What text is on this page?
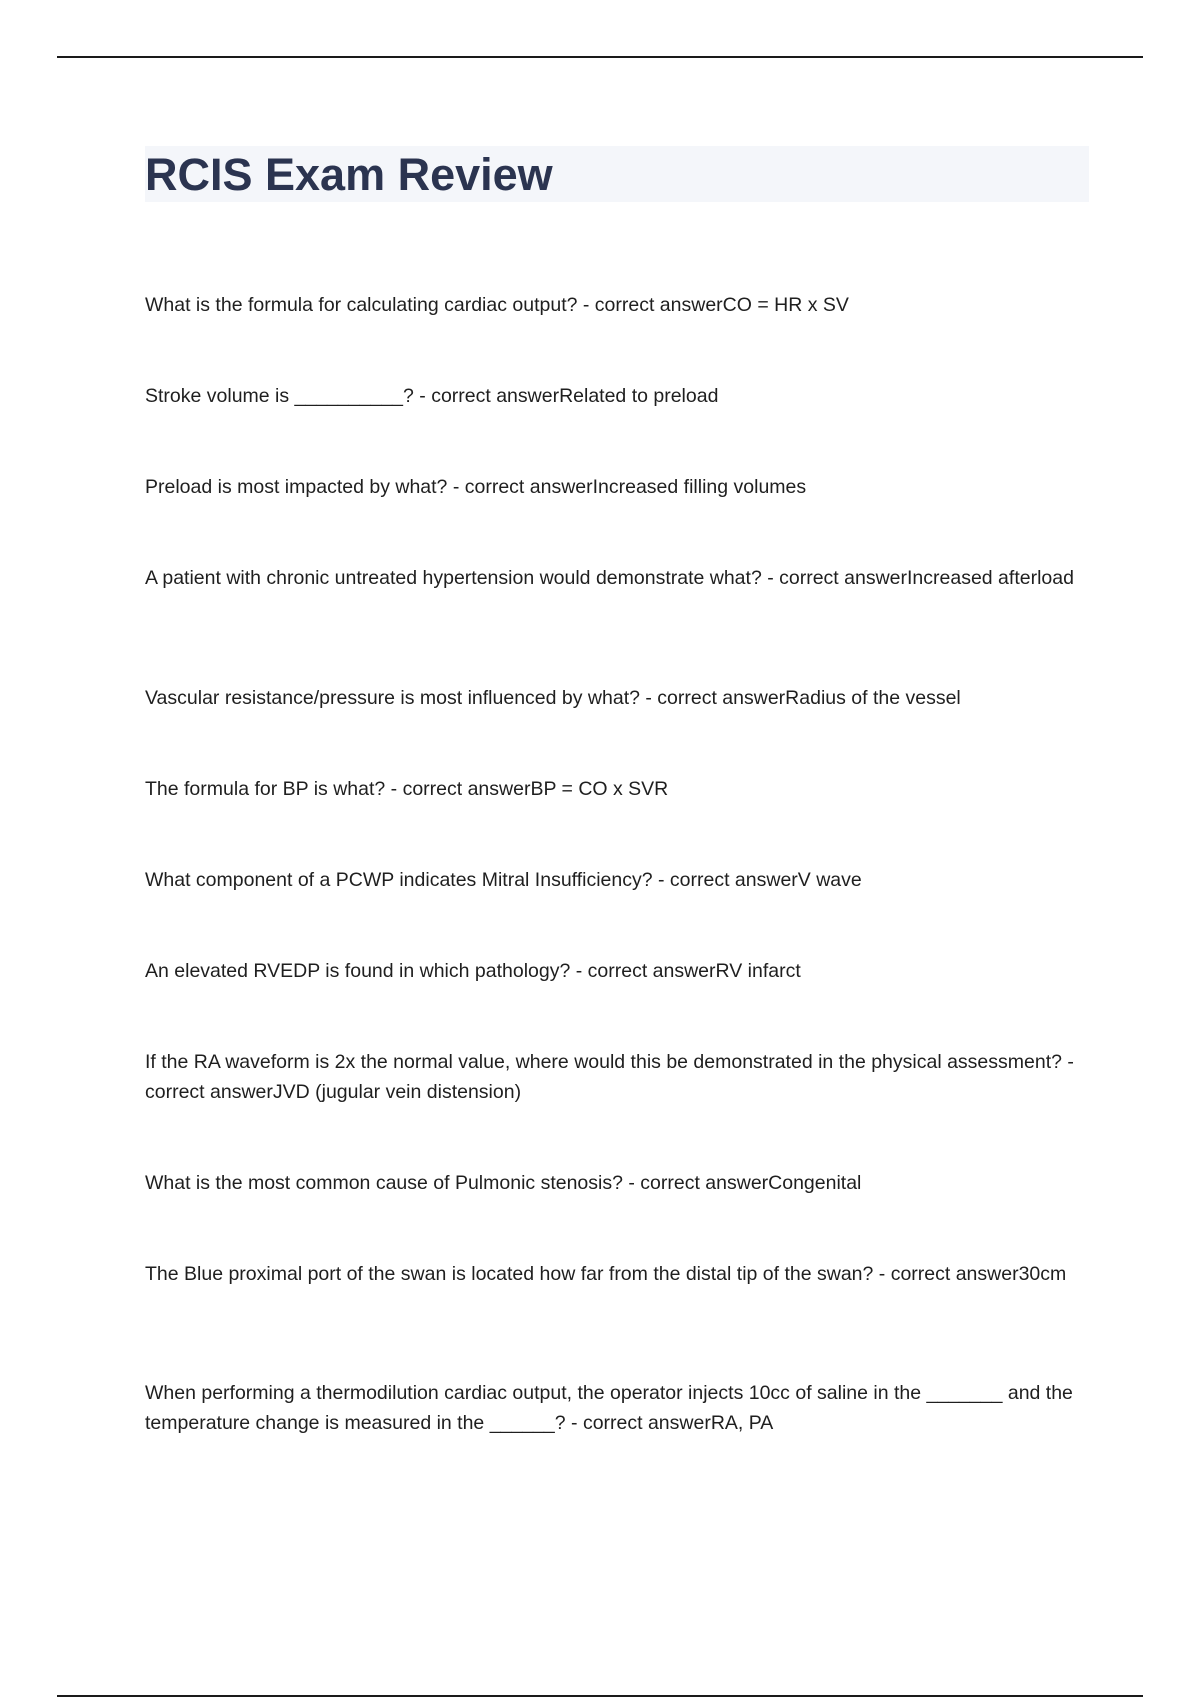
RCIS Exam Review
What is the formula for calculating cardiac output? - correct answerCO = HR x SV
Stroke volume is __________? - correct answerRelated to preload
Preload is most impacted by what? - correct answerIncreased filling volumes
A patient with chronic untreated hypertension would demonstrate what? - correct answerIncreased afterload
Vascular resistance/pressure is most influenced by what? - correct answerRadius of the vessel
The formula for BP is what? - correct answerBP = CO x SVR
What component of a PCWP indicates Mitral Insufficiency? - correct answerV wave
An elevated RVEDP is found in which pathology? - correct answerRV infarct
If the RA waveform is 2x the normal value, where would this be demonstrated in the physical assessment? - correct answerJVD (jugular vein distension)
What is the most common cause of Pulmonic stenosis? - correct answerCongenital
The Blue proximal port of the swan is located how far from the distal tip of the swan? - correct answer30cm
When performing a thermodilution cardiac output, the operator injects 10cc of saline in the _______ and the temperature change is measured in the ______? - correct answerRA, PA
